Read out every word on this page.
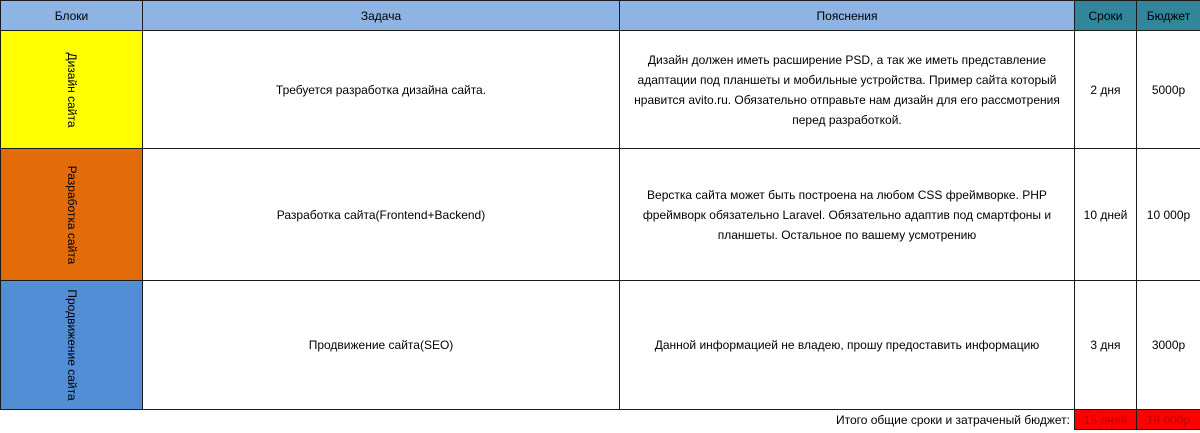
Блоки	Задача	Пояснения	Сроки	Бюджет

Дизайн сайта	Требуется разработка дизайна сайта.	Дизайн должен иметь расширение PSD, а так же иметь представление адаптации под планшеты и мобильные устройства. Пример сайта который нравится avito.ru. Обязательно отправьте нам дизайн для его рассмотрения перед разработкой.	2 дня	5000р

Разработка сайта	Разработка сайта(Frontend+Backend)	Верстка сайта может быть построена на любом CSS фреймворке. PHP фреймворк обязательно Laravel. Обязательно адаптив под смартфоны и планшеты. Остальное по вашему усмотрению	10 дней	10 000р

Продвижение сайта	Продвижение сайта(SEO)	Данной информацией не владею, прошу предоставить информацию	3 дня	3000р
Итого общие сроки и затраченый бюджет:			15 дней	18 000р
